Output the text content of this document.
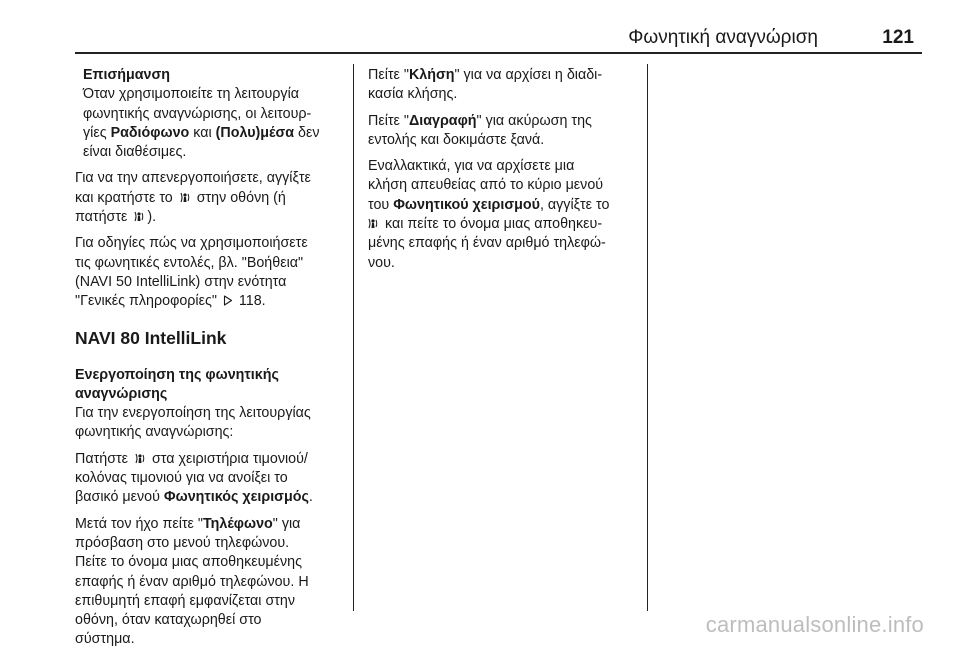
Φωνητική αναγνώριση	121
Επισήμανση
Όταν χρησιμοποιείτε τη λειτουργία
φωνητικής αναγνώρισης, οι λειτουρ-
γίες Ραδιόφωνο και (Πολυ)μέσα δεν
είναι διαθέσιμες.
Για να την απενεργοποιήσετε, αγγίξτε
και κρατήστε το  στην οθόνη (ή
πατήστε ).
Για οδηγίες πώς να χρησιμοποιήσετε
τις φωνητικές εντολές, βλ. "Βοήθεια"
(NAVI 50 IntelliLink) στην ενότητα
"Γενικές πληροφορίες"  118.
NAVI 80 IntelliLink
Ενεργοποίηση της φωνητικής
αναγνώρισης
Για την ενεργοποίηση της λειτουργίας
φωνητικής αναγνώρισης:
Πατήστε  στα χειριστήρια τιμονιού/
κολόνας τιμονιού για να ανοίξει το
βασικό μενού Φωνητικός χειρισμός.
Μετά τον ήχο πείτε "Τηλέφωνο" για
πρόσβαση στο μενού τηλεφώνου.
Πείτε το όνομα μιας αποθηκευμένης
επαφής ή έναν αριθμό τηλεφώνου. Η
επιθυμητή επαφή εμφανίζεται στην
οθόνη, όταν καταχωρηθεί στο
σύστημα.
Πείτε "Κλήση" για να αρχίσει η διαδι-
κασία κλήσης.
Πείτε "Διαγραφή" για ακύρωση της
εντολής και δοκιμάστε ξανά.
Εναλλακτικά, για να αρχίσετε μια
κλήση απευθείας από το κύριο μενού
του Φωνητικού χειρισμού, αγγίξτε το
και πείτε το όνομα μιας αποθηκευ-
μένης επαφής ή έναν αριθμό τηλεφώ-
νου.
carmanualsonline.info
